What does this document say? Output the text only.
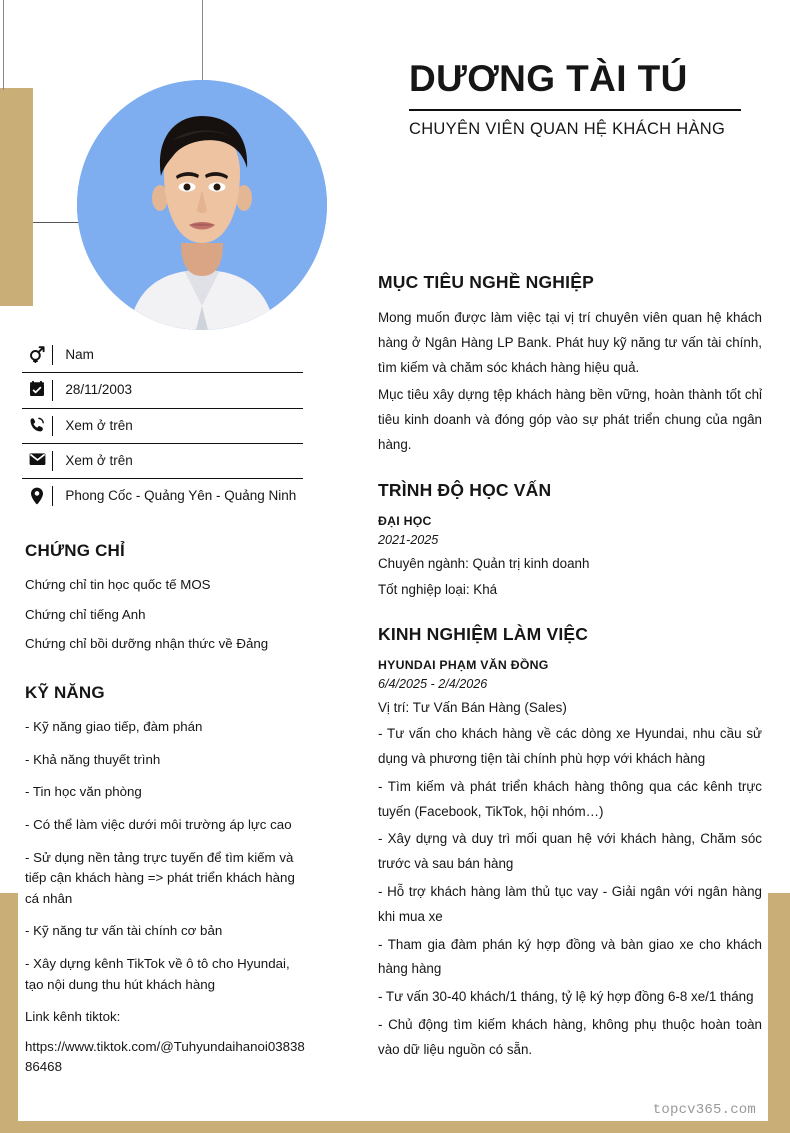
DƯƠNG TÀI TÚ
CHUYÊN VIÊN QUAN HỆ KHÁCH HÀNG
Nam
28/11/2003
Xem ở trên
Xem ở trên
Phong Cốc - Quảng Yên - Quảng Ninh
CHỨNG CHỈ
Chứng chỉ tin học quốc tế MOS
Chứng chỉ tiếng Anh
Chứng chỉ bồi dưỡng nhận thức về Đảng
KỸ NĂNG
- Kỹ năng giao tiếp, đàm phán
- Khả năng thuyết trình
- Tin học văn phòng
- Có thể làm việc dưới môi trường áp lực cao
- Sử dụng nền tảng trực tuyến để tìm kiếm và tiếp cận khách hàng => phát triển khách hàng cá nhân
- Kỹ năng tư vấn tài chính cơ bản
- Xây dựng kênh TikTok về ô tô cho Hyundai, tạo nội dung thu hút khách hàng
Link kênh tiktok:
https://www.tiktok.com/@Tuhyundaihanoi0383886468
MỤC TIÊU NGHỀ NGHIỆP
Mong muốn được làm việc tại vị trí chuyên viên quan hệ khách hàng ở Ngân Hàng LP Bank. Phát huy kỹ năng tư vấn tài chính, tìm kiếm và chăm sóc khách hàng hiệu quả.
Mục tiêu xây dựng tệp khách hàng bền vững, hoàn thành tốt chỉ tiêu kinh doanh và đóng góp vào sự phát triển chung của ngân hàng.
TRÌNH ĐỘ HỌC VẤN
ĐẠI HỌC
2021-2025
Chuyên ngành: Quản trị kinh doanh
Tốt nghiệp loại: Khá
KINH NGHIỆM LÀM VIỆC
HYUNDAI PHẠM VĂN ĐỒNG
6/4/2025 - 2/4/2026
Vị trí: Tư Vấn Bán Hàng (Sales)
- Tư vấn cho khách hàng về các dòng xe Hyundai, nhu cầu sử dụng và phương tiện tài chính phù hợp với khách hàng
- Tìm kiếm và phát triển khách hàng thông qua các kênh trực tuyến (Facebook, TikTok, hội nhóm…)
- Xây dựng và duy trì mối quan hệ với khách hàng, Chăm sóc trước và sau bán hàng
- Hỗ trợ khách hàng làm thủ tục vay - Giải ngân với ngân hàng khi mua xe
- Tham gia đàm phán ký hợp đồng và bàn giao xe cho khách hàng hàng
- Tư vấn 30-40 khách/1 tháng, tỷ lệ ký hợp đồng 6-8 xe/1 tháng
- Chủ động tìm kiếm khách hàng, không phụ thuộc hoàn toàn vào dữ liệu nguồn có sẵn.
topcv365.com
